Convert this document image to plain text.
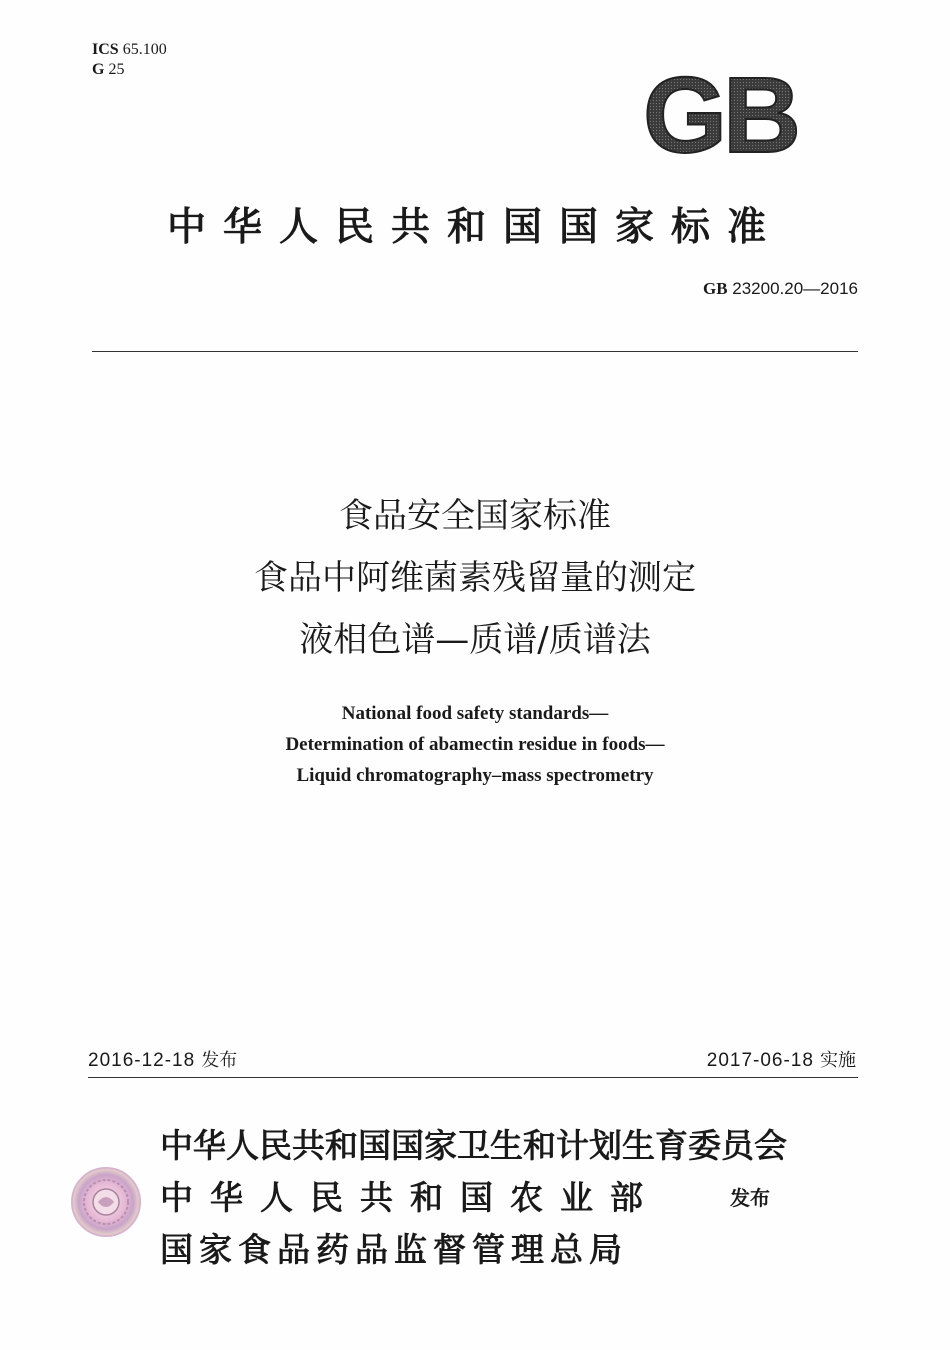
ICS 65.100
G 25	GB
中华人民共和国国家标准
GB 23200.20—2016
食品安全国家标准
食品中阿维菌素残留量的测定
液相色谱—质谱/质谱法
National food safety standards—
Determination of abamectin residue in foods—
Liquid chromatography–mass spectrometry
2016-12-18 发布	2017-06-18 实施
中华人民共和国国家卫生和计划生育委员会
中华人民共和国农业部
国家食品药品监督管理总局
发布
